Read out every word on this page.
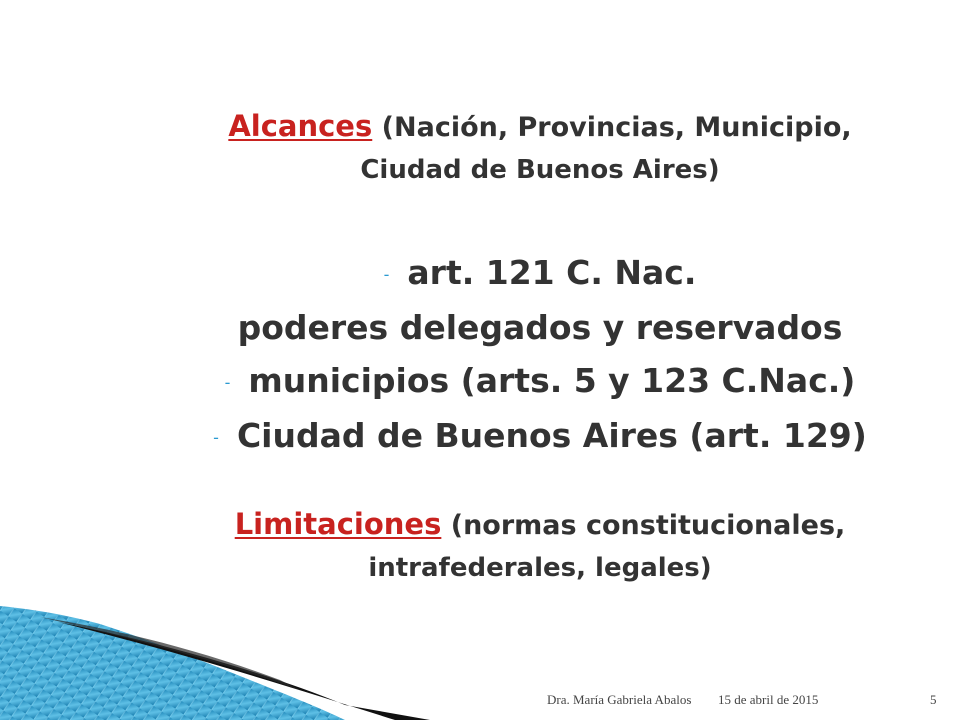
Alcances (Nación, Provincias, Municipio,
Ciudad de Buenos Aires)
- art. 121 C. Nac.
poderes delegados y reservados
- municipios (arts. 5 y 123 C.Nac.)
- Ciudad de Buenos Aires (art. 129)
Limitaciones (normas constitucionales,
intrafederales, legales)
Dra. María Gabriela Abalos 15 de abril de 2015	5
